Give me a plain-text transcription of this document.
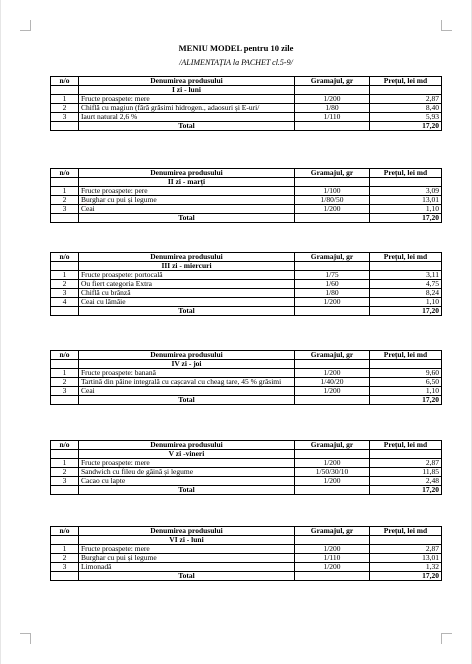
MENIU MODEL pentru 10 zile
/ALIMENTAȚIA la PACHET cl.5-9/
n/o	Denumirea produsului	Gramajul, gr	Prețul, lei md
	I zi - luni		
1	Fructe proaspete: mere	1/200	2,87
2	Chiflă cu magiun (fără grăsimi hidrogen., adaosuri și E-uri/	1/80	8,40
3	Iaurt natural 2,6 %	1/110	5,93
	Total		17,20
n/o	Denumirea produsului	Gramajul, gr	Prețul, lei md
	II zi - marți		
1	Fructe proaspete: pere	1/100	3,09
2	Burghar cu pui și legume	1/80/50	13,01
3	Ceai	1/200	1,10
	Total		17,20
n/o	Denumirea produsului	Gramajul, gr	Prețul, lei md
	III zi - miercuri		
1	Fructe proaspete: portocală	1/75	3,11
2	Ou fiert categoria Extra	1/60	4,75
3	Chiflă cu brânză	1/80	8,24
4	Ceai cu lămâie	1/200	1,10
	Total		17,20
n/o	Denumirea produsului	Gramajul, gr	Prețul, lei md
	IV zi - joi		
1	Fructe proaspete: banană	1/200	9,60
2	Tartină din pâine integrală cu cașcaval cu cheag tare, 45 % grăsimi	1/40/20	6,50
3	Ceai	1/200	1,10
	Total		17,20
n/o	Denumirea produsului	Gramajul, gr	Prețul, lei md
	V zi -vineri		
1	Fructe proaspete: mere	1/200	2,87
2	Sandwich cu fileu de găină și legume	1/50/30/10	11,85
3	Cacao cu lapte	1/200	2,48
	Total		17,20
n/o	Denumirea produsului	Gramajul, gr	Prețul, lei md
	VI zi - luni		
1	Fructe proaspete: mere	1/200	2,87
2	Burghar cu pui și legume	1/110	13,01
3	Limonadă	1/200	1,32
	Total		17,20
